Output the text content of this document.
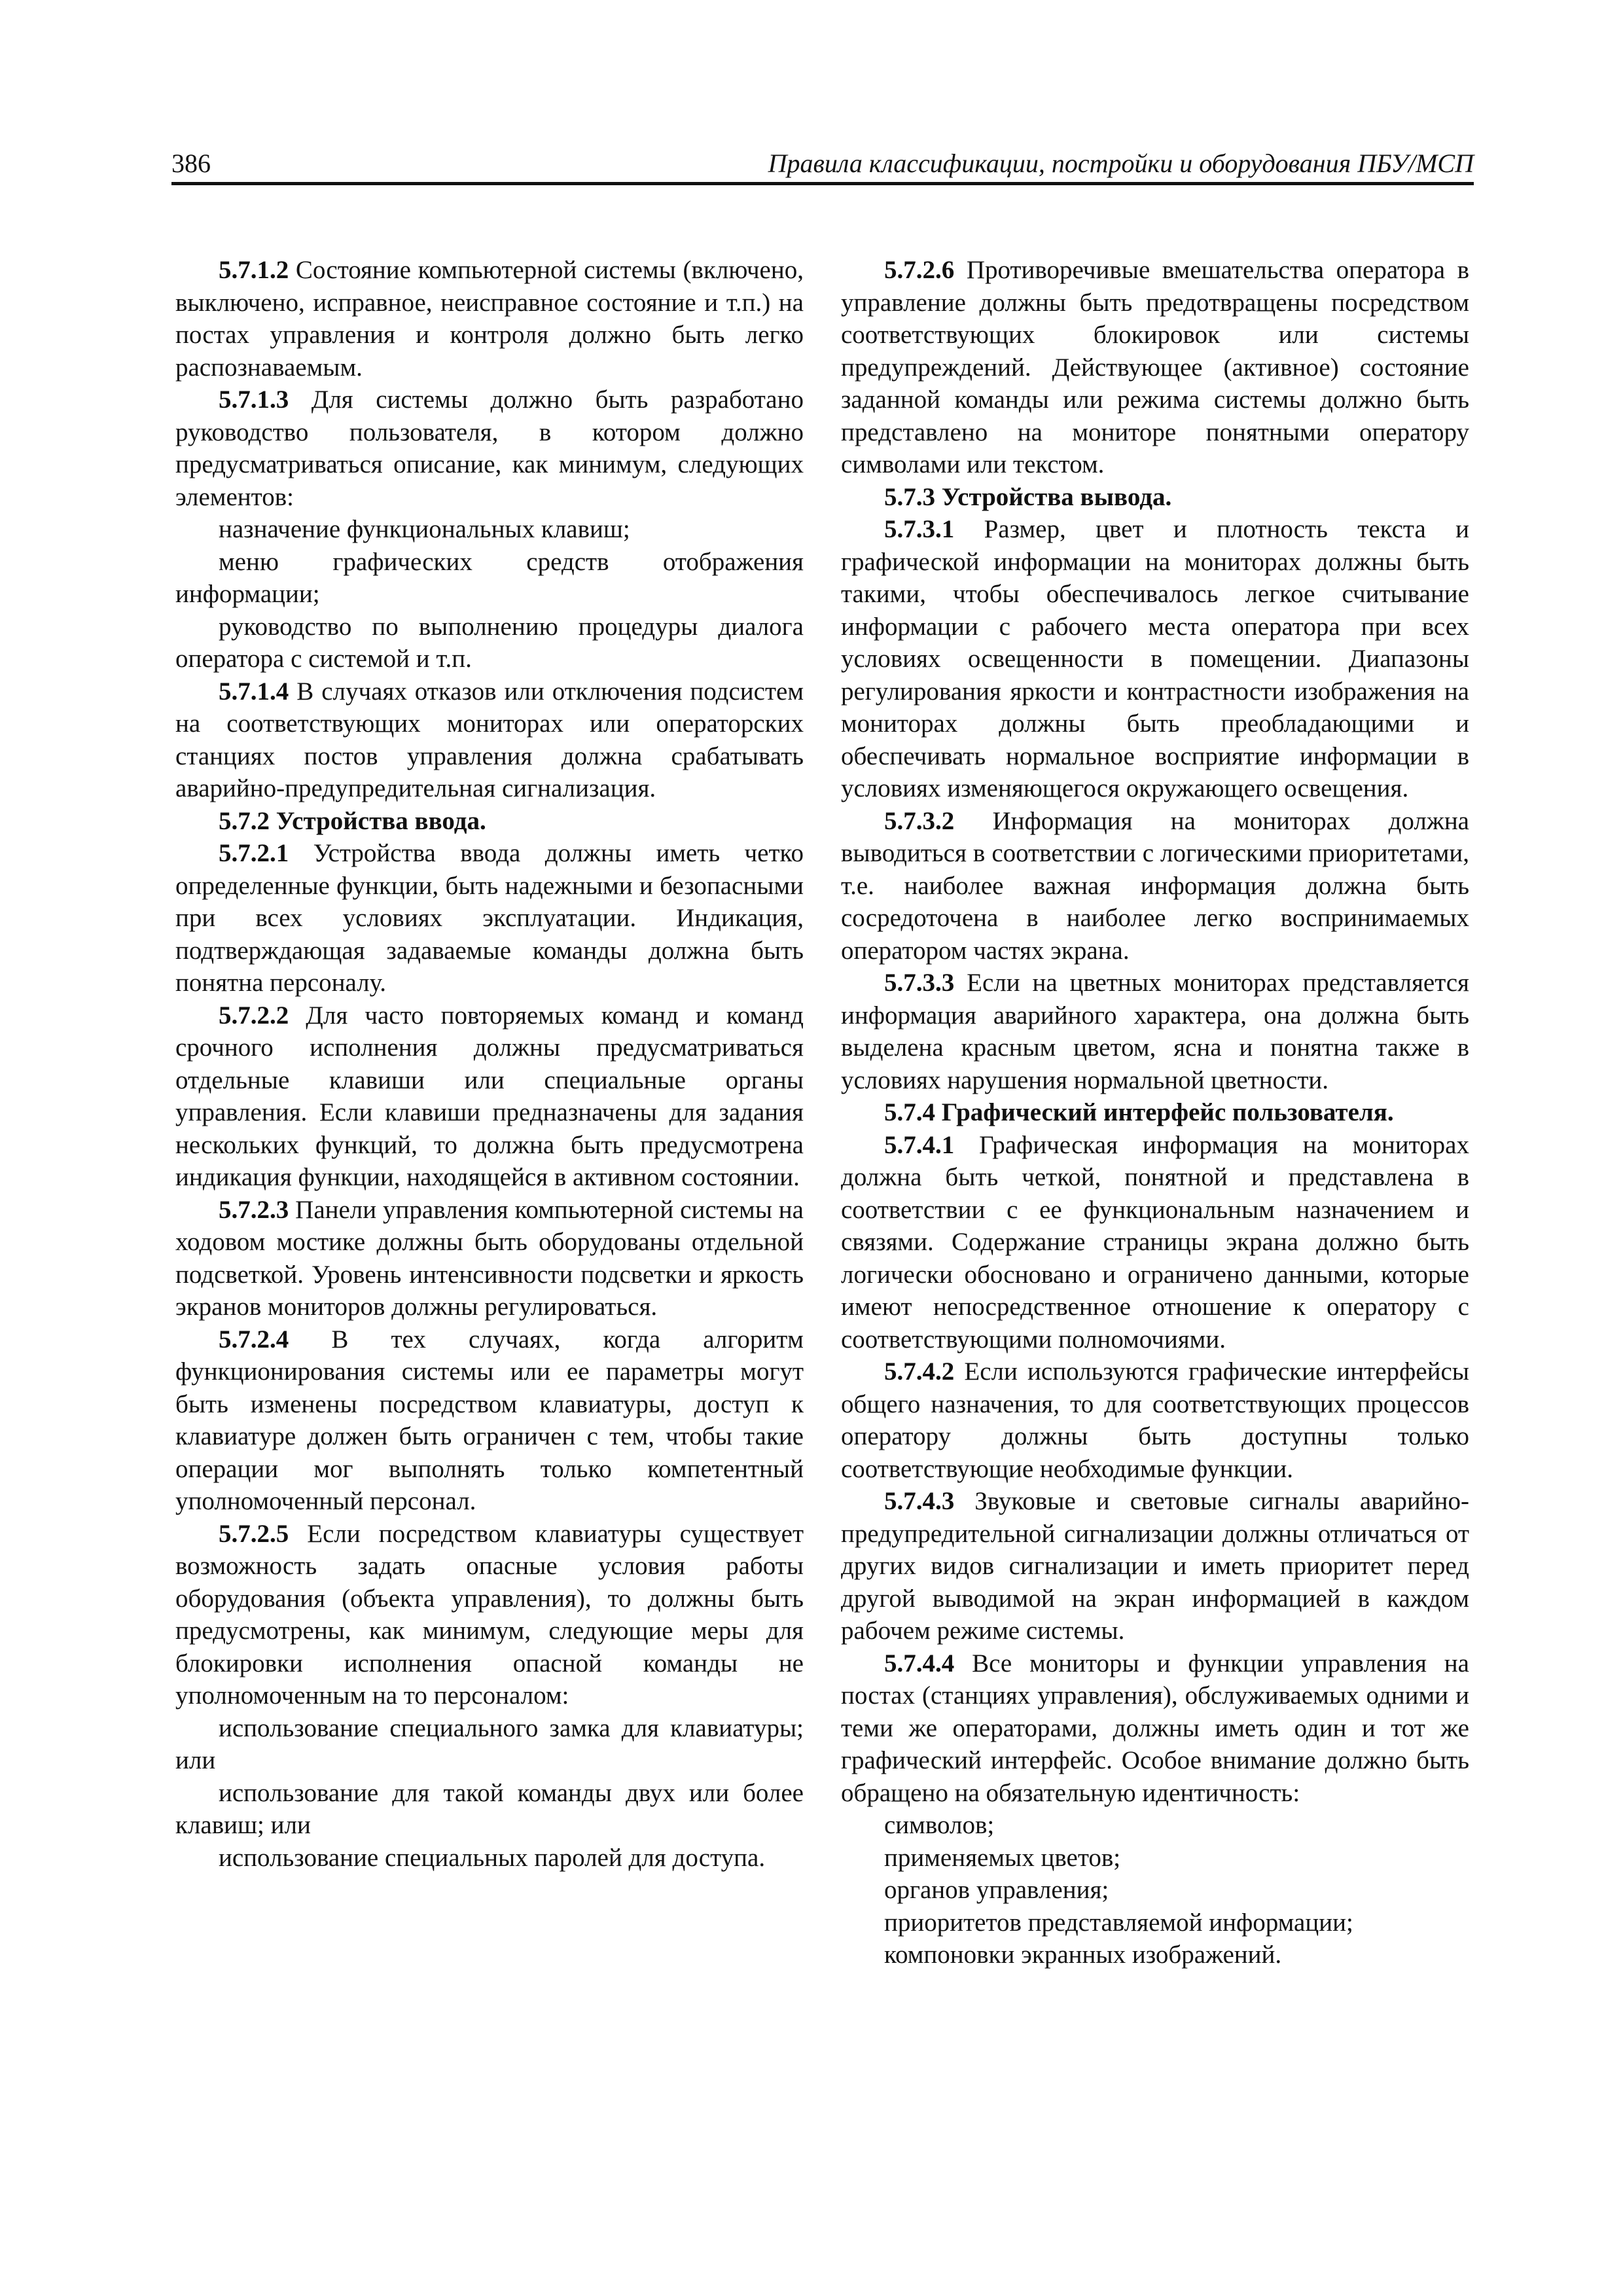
386	Правила классификации, постройки и оборудования ПБУ/МСП

5.7.1.2 Состояние компьютерной системы (включено, выключено, исправное, неисправное состояние и т.п.) на постах управления и контроля должно быть легко распознаваемым.

5.7.1.3 Для системы должно быть разработано руководство пользователя, в котором должно предусматриваться описание, как минимум, следующих элементов:

назначение функциональных клавиш;

меню графических средств отображения информации;

руководство по выполнению процедуры диалога оператора с системой и т.п.

5.7.1.4 В случаях отказов или отключения подсистем на соответствующих мониторах или операторских станциях постов управления должна срабатывать аварийно-предупредительная сигнализация.

5.7.2 Устройства ввода.

5.7.2.1 Устройства ввода должны иметь четко определенные функции, быть надежными и безопасными при всех условиях эксплуатации. Индикация, подтверждающая задаваемые команды должна быть понятна персоналу.

5.7.2.2 Для часто повторяемых команд и команд срочного исполнения должны предусматриваться отдельные клавиши или специальные органы управления. Если клавиши предназначены для задания нескольких функций, то должна быть предусмотрена индикация функции, находящейся в активном состоянии.

5.7.2.3 Панели управления компьютерной системы на ходовом мостике должны быть оборудованы отдельной подсветкой. Уровень интенсивности подсветки и яркость экранов мониторов должны регулироваться.

5.7.2.4 В тех случаях, когда алгоритм функционирования системы или ее параметры могут быть изменены посредством клавиатуры, доступ к клавиатуре должен быть ограничен с тем, чтобы такие операции мог выполнять только компетентный уполномоченный персонал.

5.7.2.5 Если посредством клавиатуры существует возможность задать опасные условия работы оборудования (объекта управления), то должны быть предусмотрены, как минимум, следующие меры для блокировки исполнения опасной команды не уполномоченным на то персоналом:

использование специального замка для клавиатуры; или

использование для такой команды двух или более клавиш; или

использование специальных паролей для доступа.

5.7.2.6 Противоречивые вмешательства оператора в управление должны быть предотвращены посредством соответствующих блокировок или системы предупреждений. Действующее (активное) состояние заданной команды или режима системы должно быть представлено на мониторе понятными оператору символами или текстом.

5.7.3 Устройства вывода.

5.7.3.1 Размер, цвет и плотность текста и графической информации на мониторах должны быть такими, чтобы обеспечивалось легкое считывание информации с рабочего места оператора при всех условиях освещенности в помещении. Диапазоны регулирования яркости и контрастности изображения на мониторах должны быть преобладающими и обеспечивать нормальное восприятие информации в условиях изменяющегося окружающего освещения.

5.7.3.2 Информация на мониторах должна выводиться в соответствии с логическими приоритетами, т.е. наиболее важная информация должна быть сосредоточена в наиболее легко воспринимаемых оператором частях экрана.

5.7.3.3 Если на цветных мониторах представляется информация аварийного характера, она должна быть выделена красным цветом, ясна и понятна также в условиях нарушения нормальной цветности.

5.7.4 Графический интерфейс пользователя.

5.7.4.1 Графическая информация на мониторах должна быть четкой, понятной и представлена в соответствии с ее функциональным назначением и связями. Содержание страницы экрана должно быть логически обосновано и ограничено данными, которые имеют непосредственное отношение к оператору с соответствующими полномочиями.

5.7.4.2 Если используются графические интерфейсы общего назначения, то для соответствующих процессов оператору должны быть доступны только соответствующие необходимые функции.

5.7.4.3 Звуковые и световые сигналы аварийно-предупредительной сигнализации должны отличаться от других видов сигнализации и иметь приоритет перед другой выводимой на экран информацией в каждом рабочем режиме системы.

5.7.4.4 Все мониторы и функции управления на постах (станциях управления), обслуживаемых одними и теми же операторами, должны иметь один и тот же графический интерфейс. Особое внимание должно быть обращено на обязательную идентичность:

символов;

применяемых цветов;

органов управления;

приоритетов представляемой информации;

компоновки экранных изображений.
